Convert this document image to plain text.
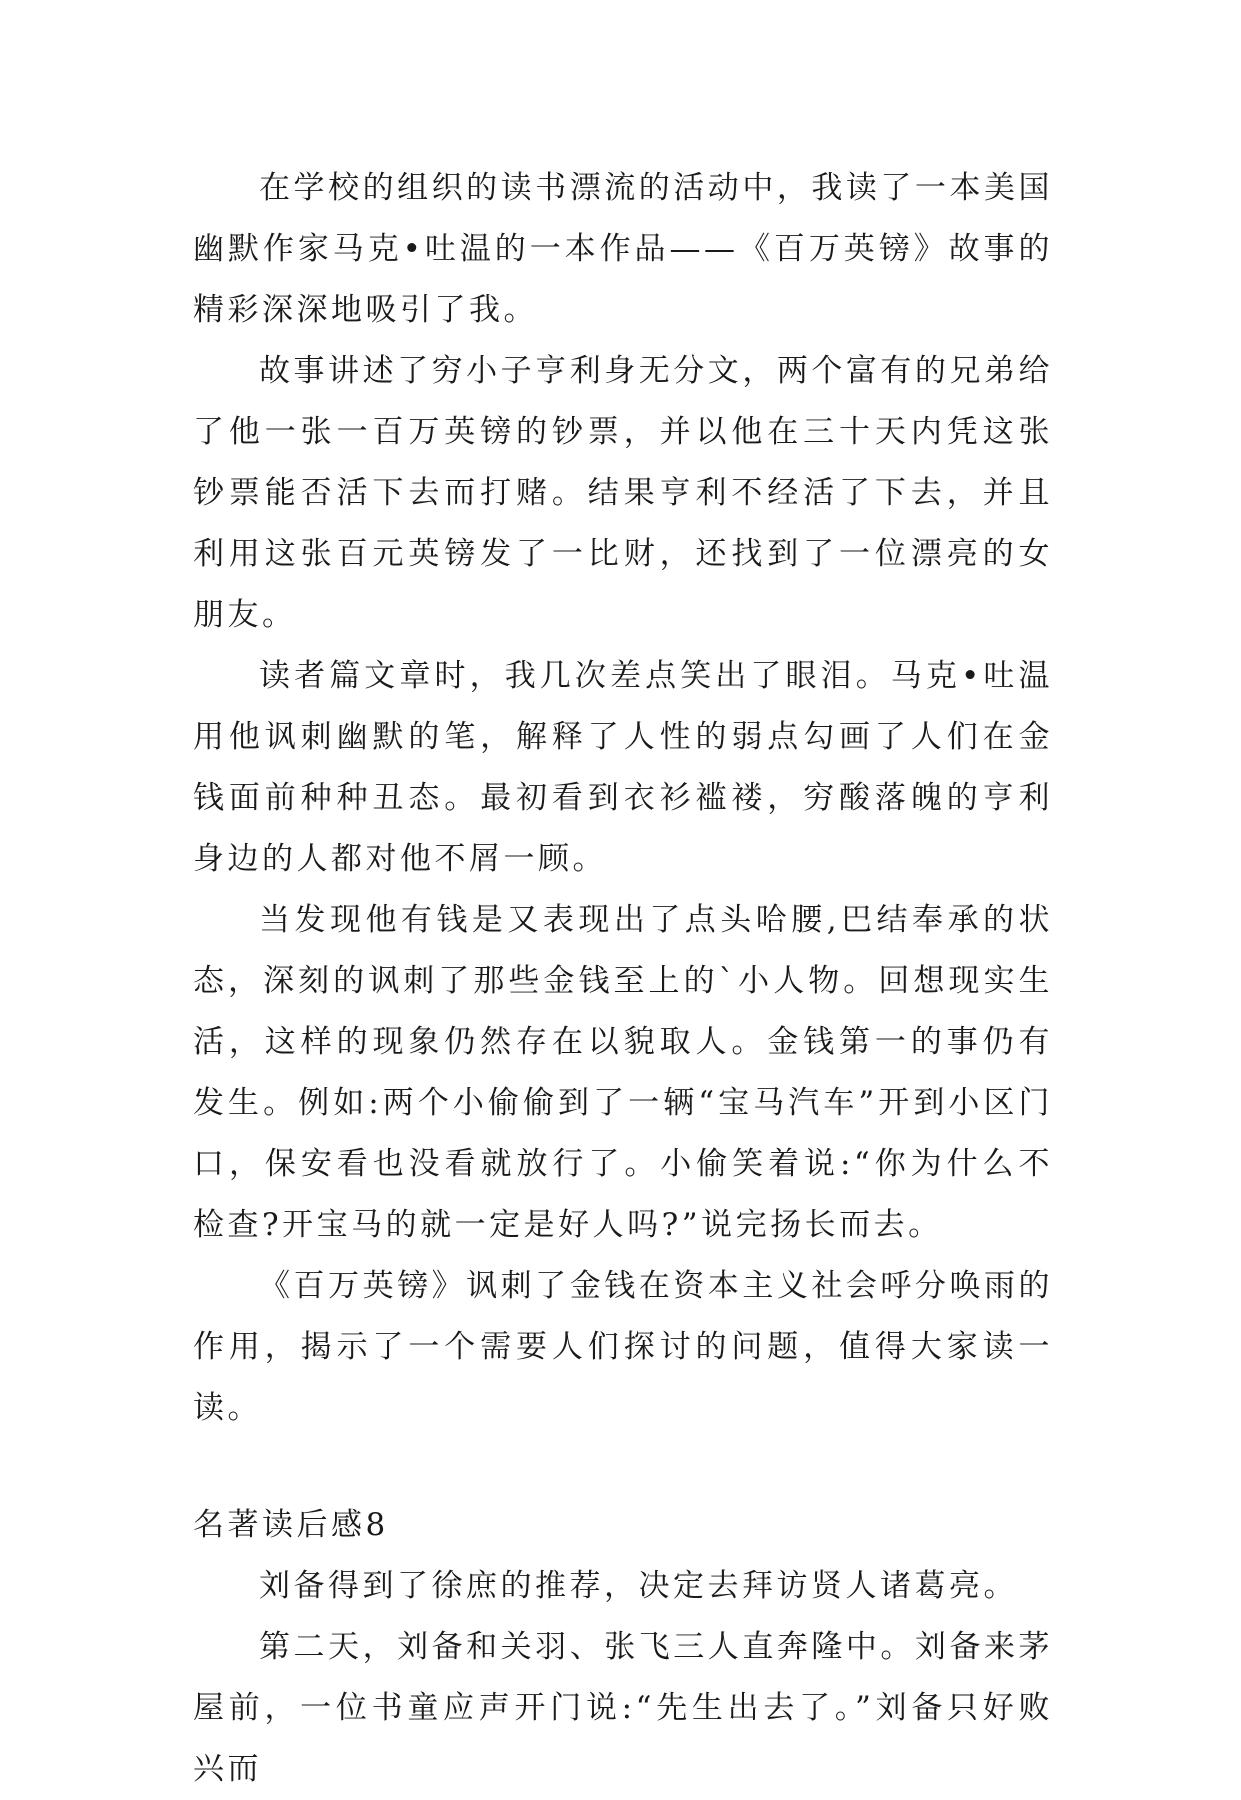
在学校的组织的读书漂流的活动中，我读了一本美国幽默作家马克•吐温的一本作品——《百万英镑》故事的精彩深深地吸引了我。

故事讲述了穷小子亨利身无分文，两个富有的兄弟给了他一张一百万英镑的钞票，并以他在三十天内凭这张钞票能否活下去而打赌。结果亨利不经活了下去，并且利用这张百元英镑发了一比财，还找到了一位漂亮的女朋友。

读者篇文章时，我几次差点笑出了眼泪。马克•吐温用他讽刺幽默的笔，解释了人性的弱点勾画了人们在金钱面前种种丑态。最初看到衣衫褴褛，穷酸落魄的亨利身边的人都对他不屑一顾。

当发现他有钱是又表现出了点头哈腰,巴结奉承的状态，深刻的讽刺了那些金钱至上的`小人物。回想现实生活，这样的现象仍然存在以貌取人。金钱第一的事仍有发生。例如:两个小偷偷到了一辆“宝马汽车”开到小区门口，保安看也没看就放行了。小偷笑着说:“你为什么不检查?开宝马的就一定是好人吗?”说完扬长而去。

《百万英镑》讽刺了金钱在资本主义社会呼分唤雨的作用，揭示了一个需要人们探讨的问题，值得大家读一读。

名著读后感8

刘备得到了徐庶的推荐，决定去拜访贤人诸葛亮。

第二天，刘备和关羽、张飞三人直奔隆中。刘备来茅屋前，一位书童应声开门说:“先生出去了。”刘备只好败兴而
